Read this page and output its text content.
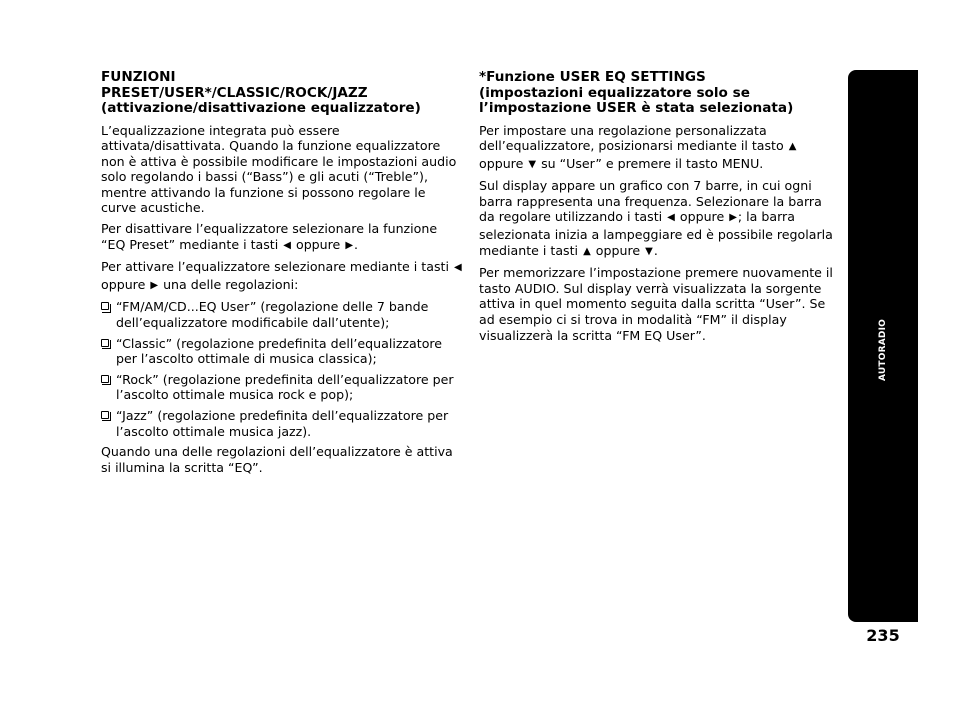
FUNZIONI
PRESET/USER*/CLASSIC/ROCK/JAZZ
(attivazione/disattivazione equalizzatore)

L’equalizzazione integrata può essere attivata/disattivata. Quando la funzione equalizzatore non è attiva è possibile modificare le impostazioni audio solo regolando i bassi (“Bass”) e gli acuti (“Treble”), mentre attivando la funzione si possono regolare le curve acustiche.

Per disattivare l’equalizzatore selezionare la funzione “EQ Preset” mediante i tasti ◀ oppure ▶.

Per attivare l’equalizzatore selezionare mediante i tasti ◀ oppure ▶ una delle regolazioni:

“FM/AM/CD...EQ User” (regolazione delle 7 bande dell’equalizzatore modificabile dall’utente);
“Classic” (regolazione predefinita dell’equalizzatore per l’ascolto ottimale di musica classica);
“Rock” (regolazione predefinita dell’equalizzatore per l’ascolto ottimale musica rock e pop);
“Jazz” (regolazione predefinita dell’equalizzatore per l’ascolto ottimale musica jazz).

Quando una delle regolazioni dell’equalizzatore è attiva si illumina la scritta “EQ”.

*Funzione USER EQ SETTINGS
(impostazioni equalizzatore solo se
l’impostazione USER è stata selezionata)

Per impostare una regolazione personalizzata dell’equalizzatore, posizionarsi mediante il tasto ▲ oppure ▼ su “User” e premere il tasto MENU.

Sul display appare un grafico con 7 barre, in cui ogni barra rappresenta una frequenza. Selezionare la barra da regolare utilizzando i tasti ◀ oppure ▶; la barra selezionata inizia a lampeggiare ed è possibile regolarla mediante i tasti ▲ oppure ▼.

Per memorizzare l’impostazione premere nuovamente il tasto AUDIO. Sul display verrà visualizzata la sorgente attiva in quel momento seguita dalla scritta “User”. Se ad esempio ci si trova in modalità “FM” il display visualizzerà la scritta “FM EQ User”.	AUTORADIO
235
